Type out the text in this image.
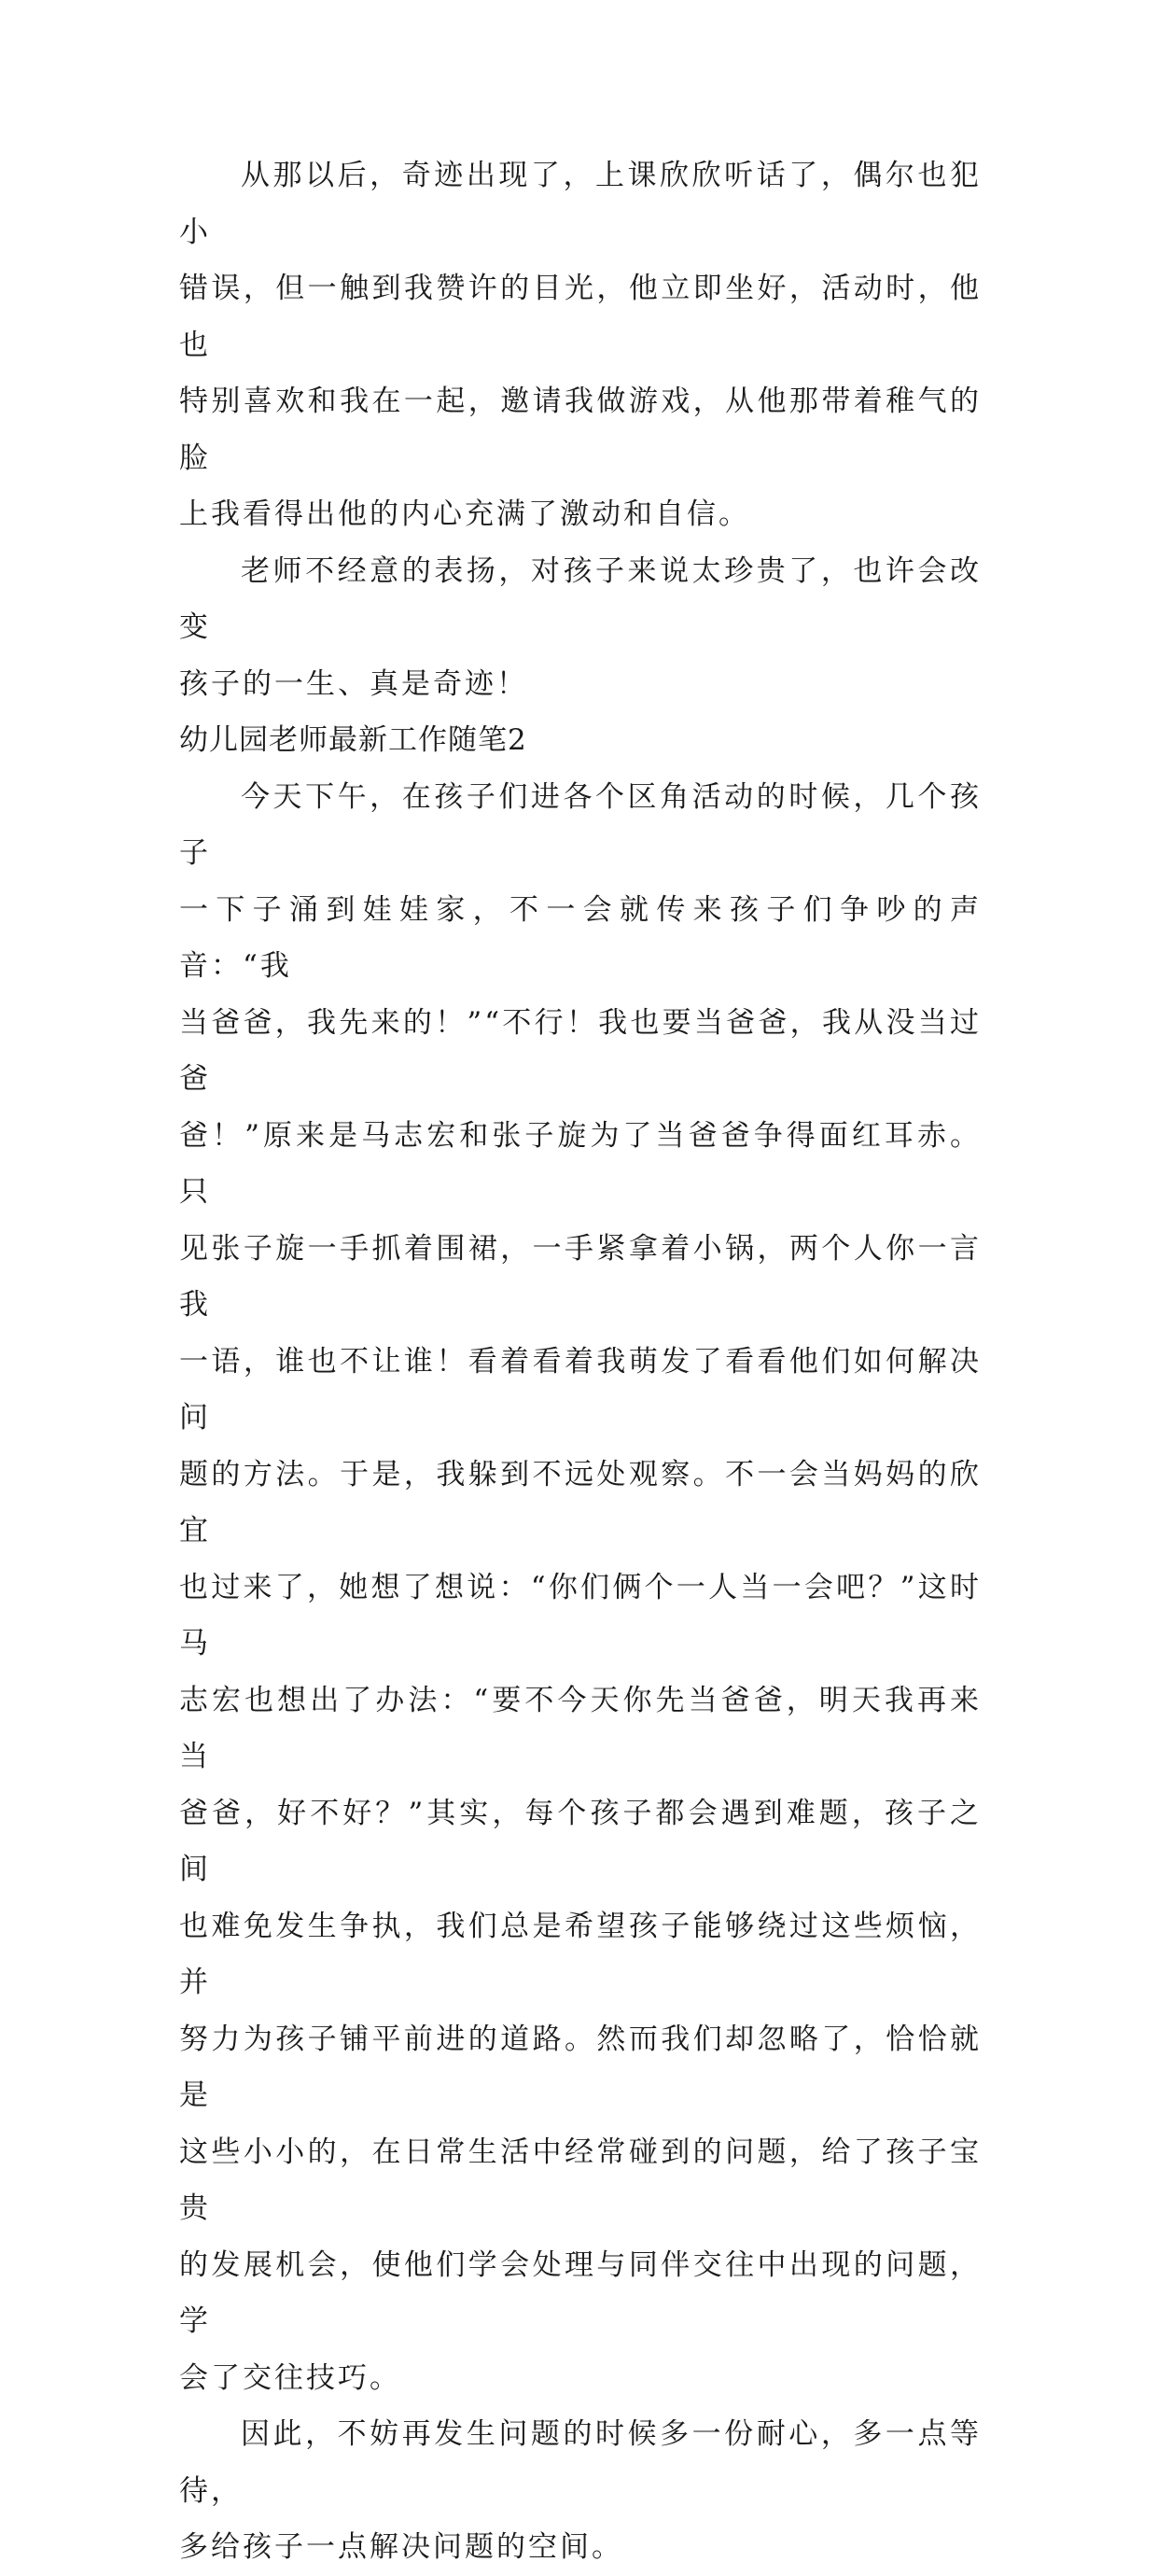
从那以后，奇迹出现了，上课欣欣听话了，偶尔也犯小
错误，但一触到我赞许的目光，他立即坐好，活动时，他也
特别喜欢和我在一起，邀请我做游戏，从他那带着稚气的脸
上我看得出他的内心充满了激动和自信。

老师不经意的表扬，对孩子来说太珍贵了，也许会改变
孩子的一生、真是奇迹！

幼儿园老师最新工作随笔2

今天下午，在孩子们进各个区角活动的时候，几个孩子
一下子涌到娃娃家，不一会就传来孩子们争吵的声音：“我
当爸爸，我先来的！”“不行！我也要当爸爸，我从没当过爸
爸！”原来是马志宏和张子旋为了当爸爸争得面红耳赤。只
见张子旋一手抓着围裙，一手紧拿着小锅，两个人你一言我
一语，谁也不让谁！看着看着我萌发了看看他们如何解决问
题的方法。于是，我躲到不远处观察。不一会当妈妈的欣宜
也过来了，她想了想说：“你们俩个一人当一会吧？”这时马
志宏也想出了办法：“要不今天你先当爸爸，明天我再来当
爸爸，好不好？”其实，每个孩子都会遇到难题，孩子之间
也难免发生争执，我们总是希望孩子能够绕过这些烦恼，并
努力为孩子铺平前进的道路。然而我们却忽略了，恰恰就是
这些小小的，在日常生活中经常碰到的问题，给了孩子宝贵
的发展机会，使他们学会处理与同伴交往中出现的问题，学
会了交往技巧。

因此，不妨再发生问题的时候多一份耐心，多一点等待，
多给孩子一点解决问题的空间。
